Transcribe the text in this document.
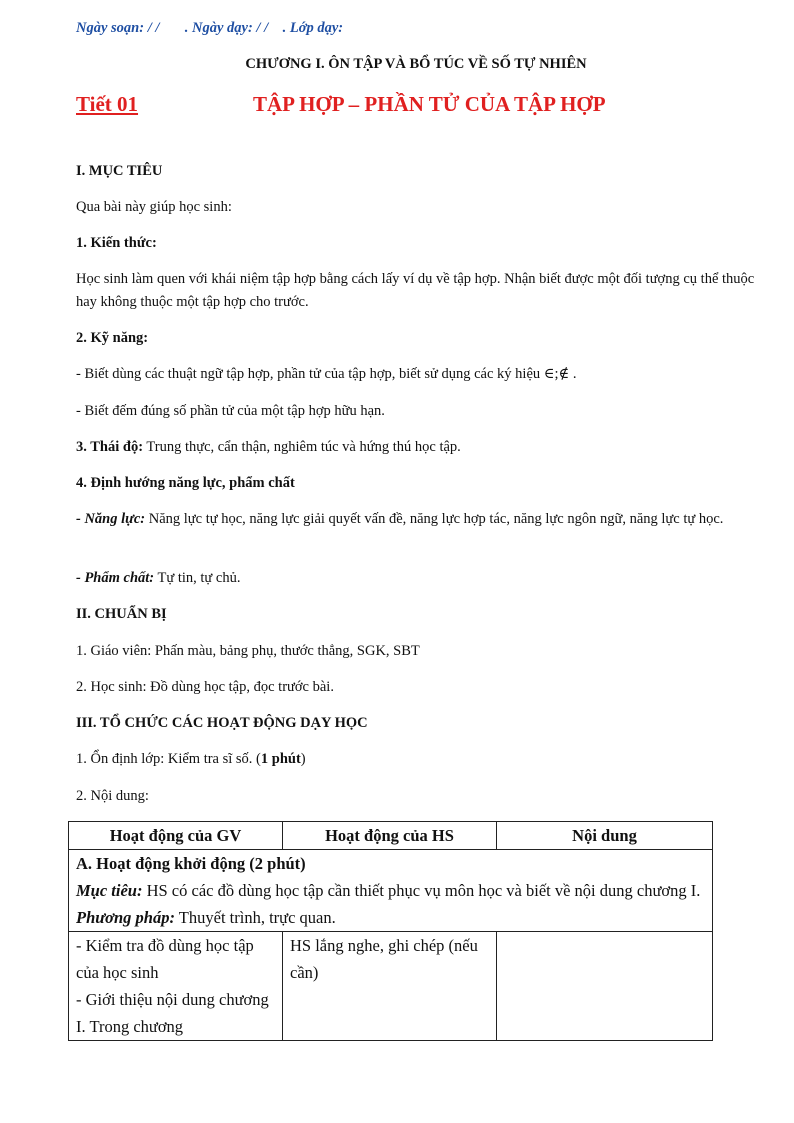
Ngày soạn: / / . Ngày dạy: / / . Lớp dạy:
CHƯƠNG I. ÔN TẬP VÀ BỔ TÚC VỀ SỐ TỰ NHIÊN
Tiết 01	TẬP HỢP – PHẦN TỬ CỦA TẬP HỢP
I. MỤC TIÊU
Qua bài này giúp học sinh:
1. Kiến thức:
Học sinh làm quen với khái niệm tập hợp bằng cách lấy ví dụ về tập hợp. Nhận biết được một đối tượng cụ thể thuộc hay không thuộc một tập hợp cho trước.
2. Kỹ năng:
- Biết dùng các thuật ngữ tập hợp, phần tử của tập hợp, biết sử dụng các ký hiệu ∈;∉ .
- Biết đếm đúng số phần tử của một tập hợp hữu hạn.
3. Thái độ: Trung thực, cẩn thận, nghiêm túc và hứng thú học tập.
4. Định hướng năng lực, phẩm chất
- Năng lực: Năng lực tự học, năng lực giải quyết vấn đề, năng lực hợp tác, năng lực ngôn ngữ, năng lực tự học.
- Phẩm chất: Tự tin, tự chủ.
II. CHUẨN BỊ
1. Giáo viên: Phấn màu, bảng phụ, thước thẳng, SGK, SBT
2. Học sinh: Đồ dùng học tập, đọc trước bài.
III. TỔ CHỨC CÁC HOẠT ĐỘNG DẠY HỌC
1. Ổn định lớp: Kiểm tra sĩ số. (1 phút)
2. Nội dung:
Hoạt động của GV	Hoạt động của HS	Nội dung

A. Hoạt động khởi động (2 phút)
Mục tiêu: HS có các đồ dùng học tập cần thiết phục vụ môn học và biết về nội dung chương I.
Phương pháp: Thuyết trình, trực quan.		

- Kiểm tra đồ dùng học tập của học sinh
- Giới thiệu nội dung chương I. Trong chương	HS lắng nghe, ghi chép (nếu cần)	
